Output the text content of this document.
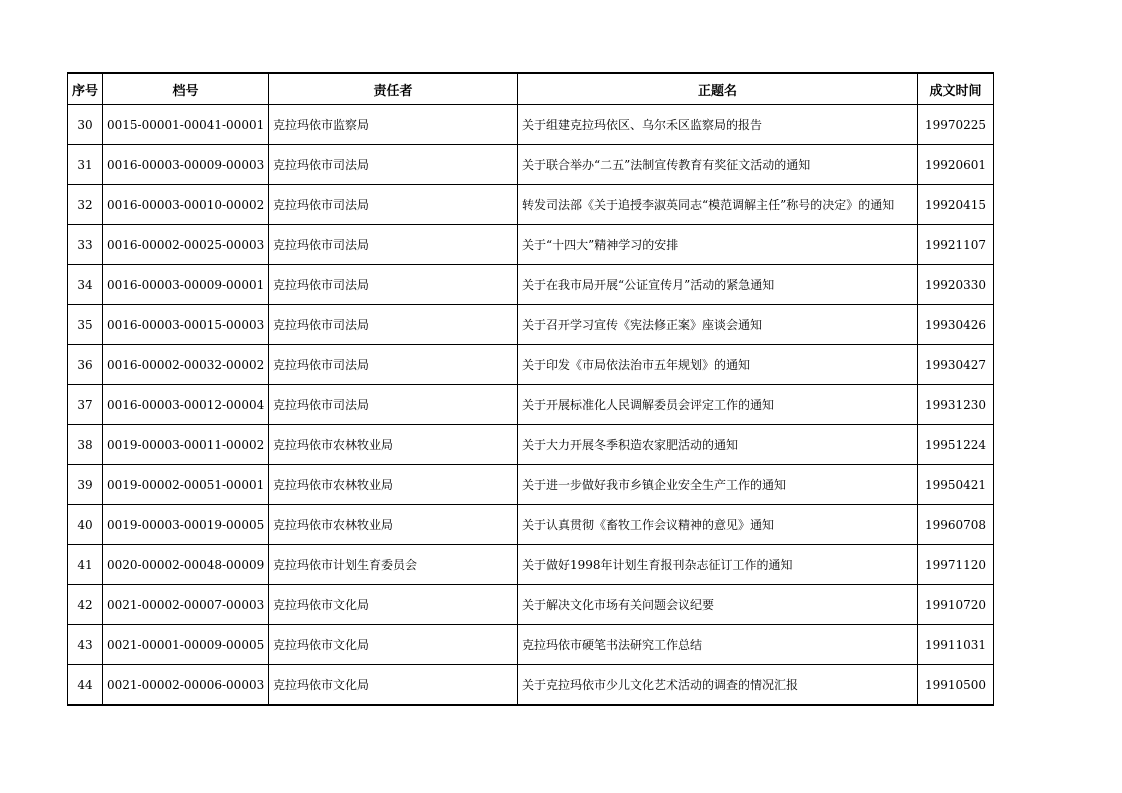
序号	档号	责任者	正题名	成文时间
30	0015-00001-00041-00001	克拉玛依市监察局	关于组建克拉玛依区、乌尔禾区监察局的报告	19970225
31	0016-00003-00009-00003	克拉玛依市司法局	关于联合举办“二五”法制宣传教育有奖征文活动的通知	19920601
32	0016-00003-00010-00002	克拉玛依市司法局	转发司法部《关于追授李淑英同志“模范调解主任”称号的决定》的通知	19920415
33	0016-00002-00025-00003	克拉玛依市司法局	关于“十四大”精神学习的安排	19921107
34	0016-00003-00009-00001	克拉玛依市司法局	关于在我市局开展“公证宣传月”活动的紧急通知	19920330
35	0016-00003-00015-00003	克拉玛依市司法局	关于召开学习宣传《宪法修正案》座谈会通知	19930426
36	0016-00002-00032-00002	克拉玛依市司法局	关于印发《市局依法治市五年规划》的通知	19930427
37	0016-00003-00012-00004	克拉玛依市司法局	关于开展标准化人民调解委员会评定工作的通知	19931230
38	0019-00003-00011-00002	克拉玛依市农林牧业局	关于大力开展冬季积造农家肥活动的通知	19951224
39	0019-00002-00051-00001	克拉玛依市农林牧业局	关于进一步做好我市乡镇企业安全生产工作的通知	19950421
40	0019-00003-00019-00005	克拉玛依市农林牧业局	关于认真贯彻《畜牧工作会议精神的意见》通知	19960708
41	0020-00002-00048-00009	克拉玛依市计划生育委员会	关于做好1998年计划生育报刊杂志征订工作的通知	19971120
42	0021-00002-00007-00003	克拉玛依市文化局	关于解决文化市场有关问题会议纪要	19910720
43	0021-00001-00009-00005	克拉玛依市文化局	克拉玛依市硬笔书法研究工作总结	19911031
44	0021-00002-00006-00003	克拉玛依市文化局	关于克拉玛依市少儿文化艺术活动的调查的情况汇报	19910500
